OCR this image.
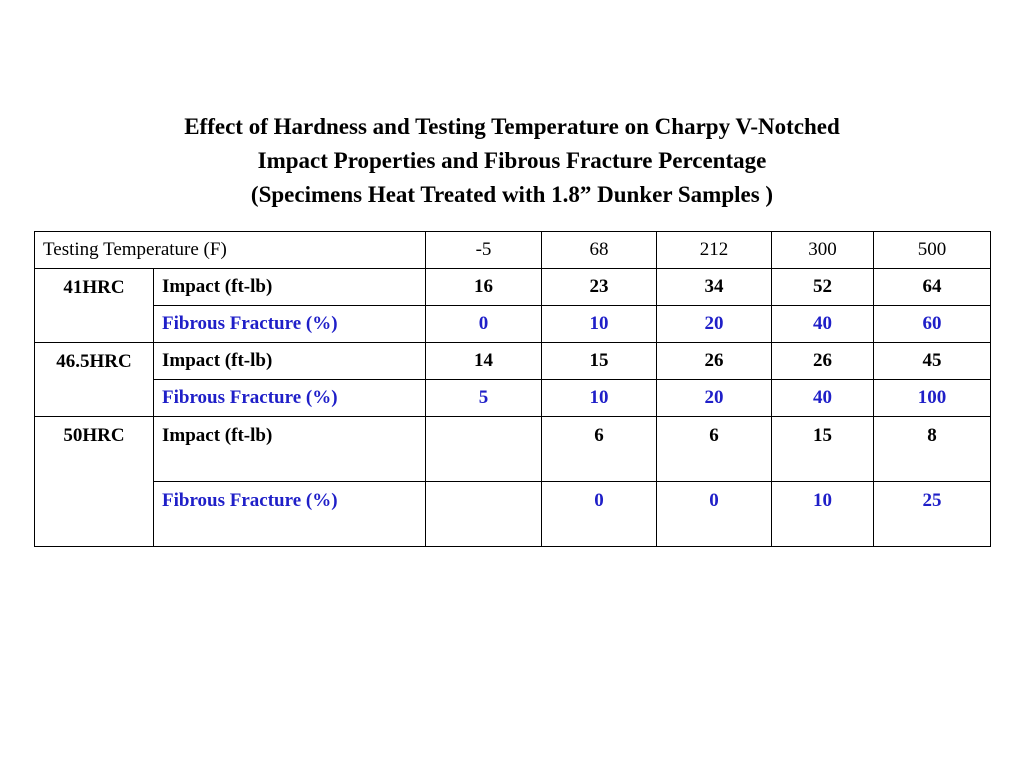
Effect of Hardness and Testing Temperature on Charpy V-Notched
Impact Properties and Fibrous Fracture Percentage
(Specimens Heat Treated with 1.8” Dunker Samples )
Testing Temperature (F)		-5	68	212	300	500
41HRC	Impact (ft-lb)	16	23	34	52	64
	Fibrous Fracture (%)	0	10	20	40	60
46.5HRC	Impact (ft-lb)	14	15	26	26	45
	Fibrous Fracture (%)	5	10	20	40	100
50HRC	Impact (ft-lb)		6	6	15	8
	Fibrous Fracture (%)		0	0	10	25
